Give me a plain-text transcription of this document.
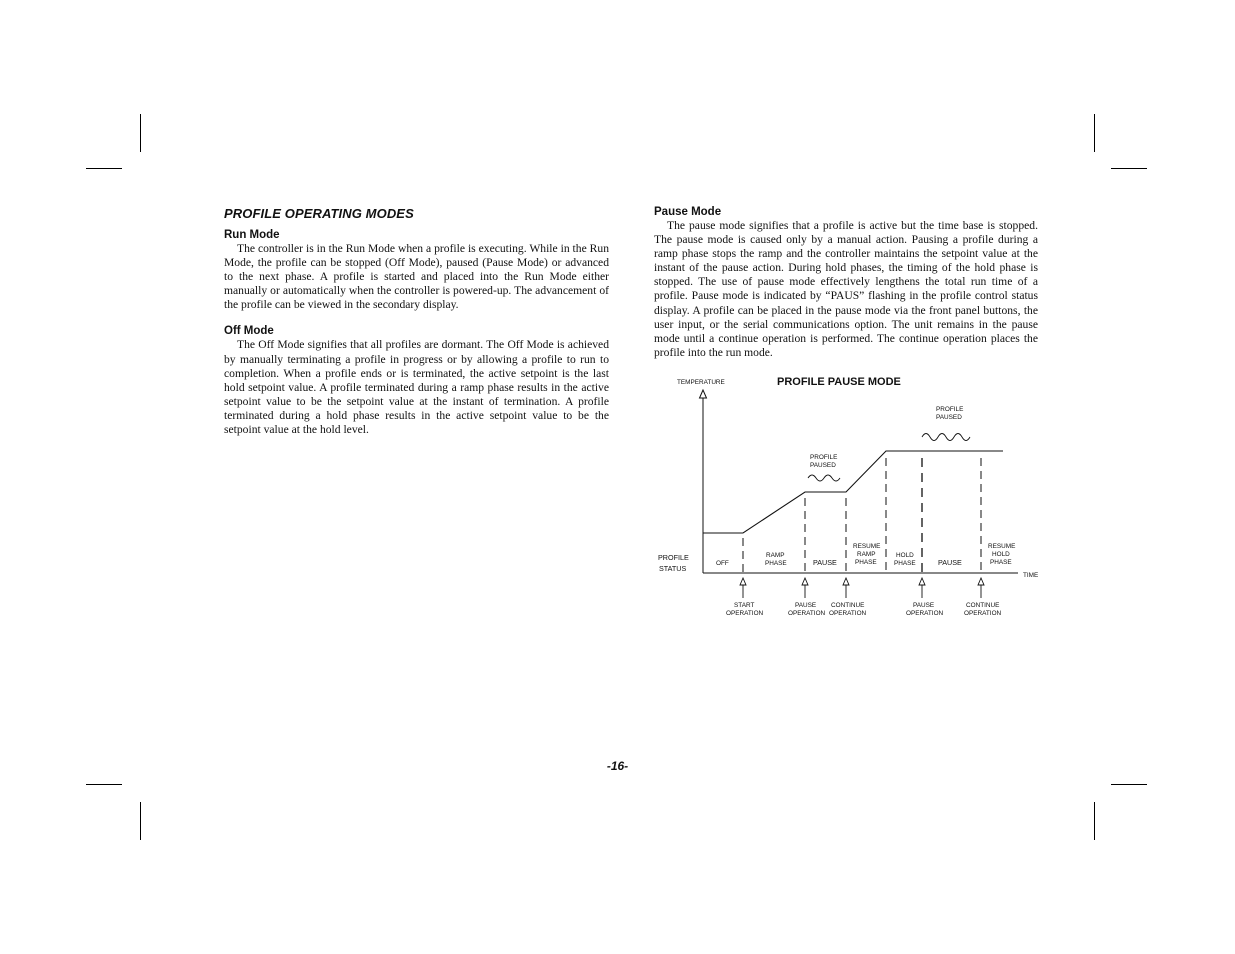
PROFILE OPERATING MODES
Run Mode

The controller is in the Run Mode when a profile is executing. While in the Run Mode, the profile can be stopped (Off Mode), paused (Pause Mode) or advanced to the next phase. A profile is started and placed into the Run Mode either manually or automatically when the controller is powered-up. The advancement of the profile can be viewed in the secondary display.

Off Mode

The Off Mode signifies that all profiles are dormant. The Off Mode is achieved by manually terminating a profile in progress or by allowing a profile to run to completion. When a profile ends or is terminated, the active setpoint is the last hold setpoint value. A profile terminated during a ramp phase results in the active setpoint value to be the setpoint value at the instant of termination. A profile terminated during a hold phase results in the active setpoint value to be the setpoint value at the hold level.

Pause Mode

The pause mode signifies that a profile is active but the time base is stopped. The pause mode is caused only by a manual action. Pausing a profile during a ramp phase stops the ramp and the controller maintains the setpoint value at the instant of the pause action. During hold phases, the timing of the hold phase is stopped. The use of pause mode effectively lengthens the total run time of a profile. Pause mode is indicated by “PAUS” flashing in the profile control status display. A profile can be placed in the pause mode via the front panel buttons, the user input, or the serial communications option. The unit remains in the pause mode until a continue operation is performed. The continue operation places the profile into the run mode.

PROFILE PAUSE MODE
TEMPERATURE
TIME
PROFILE
PAUSED
PROFILE
PAUSED
PROFILE
STATUS
OFF
RAMP
PHASE	PAUSE
RESUME
RAMP
PHASE
HOLD
PHASE	PAUSE
RESUME
HOLD
PHASE
START
OPERATION
PAUSE
OPERATION
CONTINUE
OPERATION
PAUSE
OPERATION
CONTINUE
OPERATION
-16-
